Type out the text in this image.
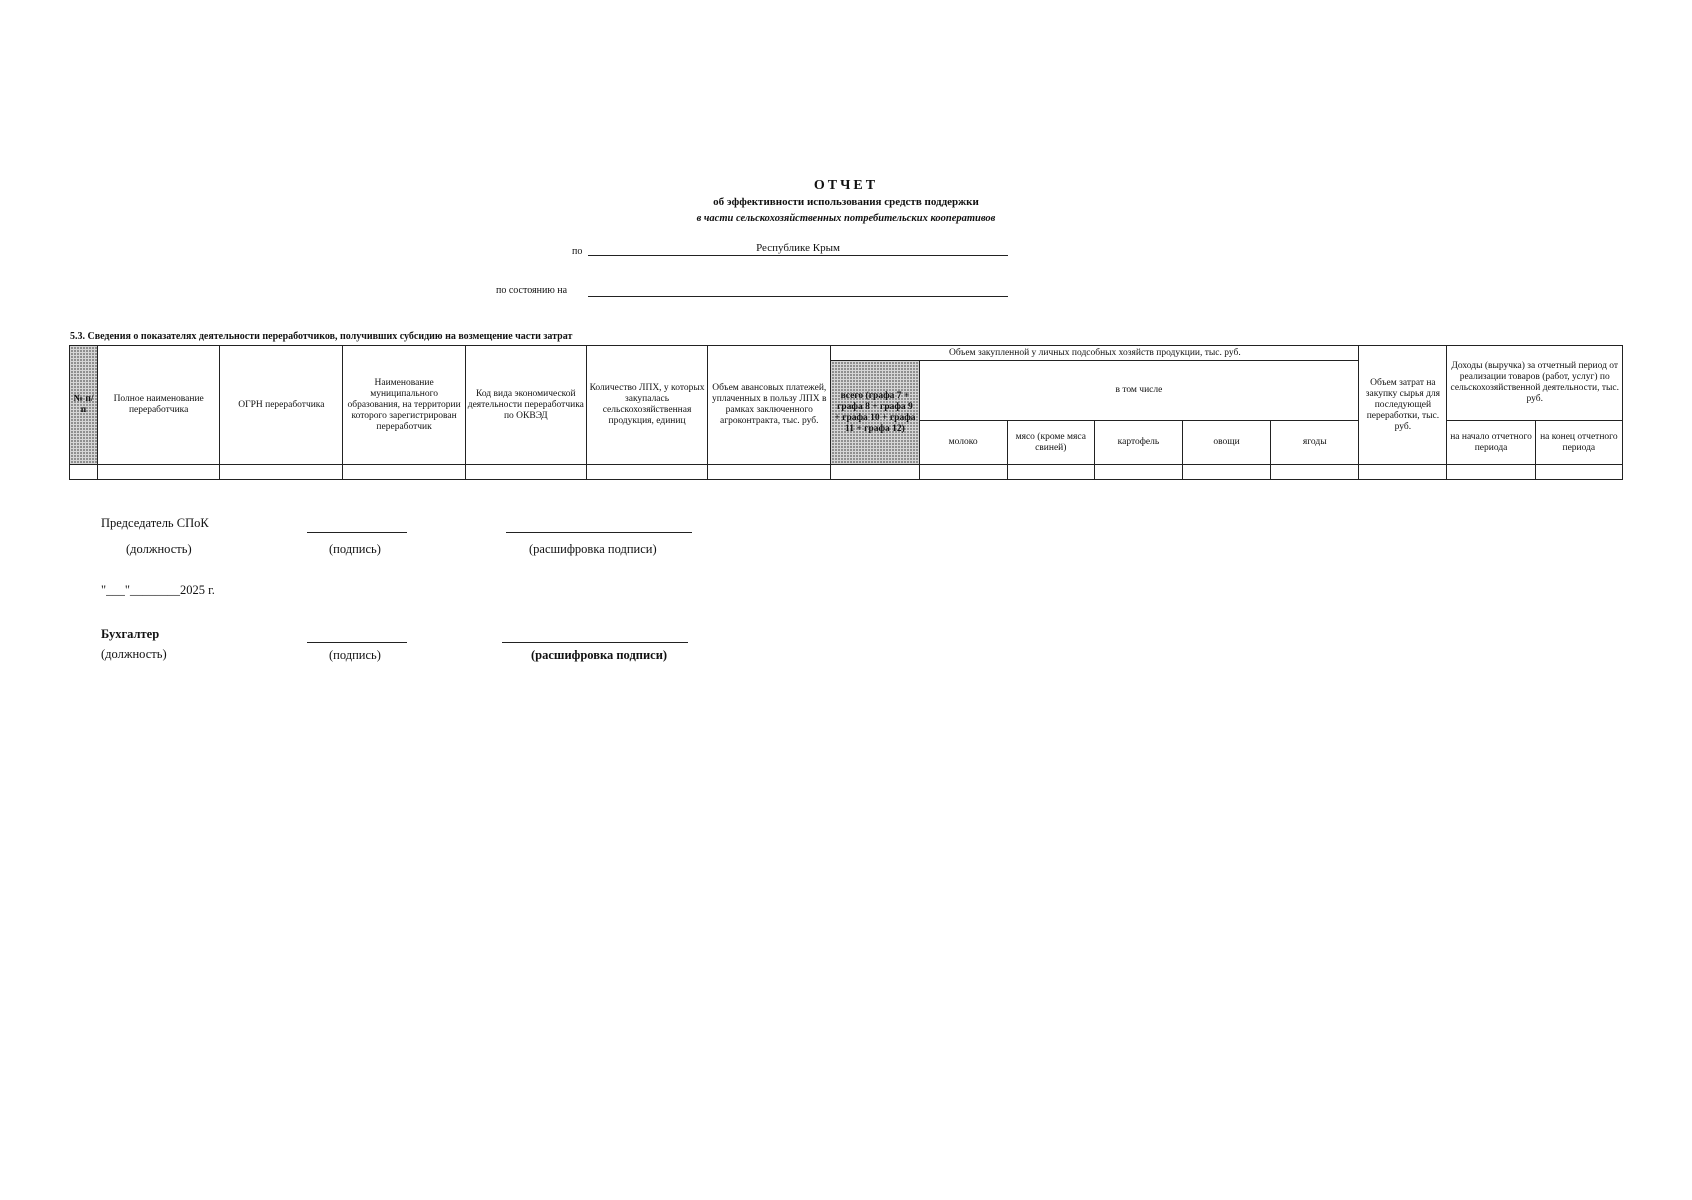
ОТЧЕТ
об эффективности использования средств поддержки
в части сельскохозяйственных потребительских кооперативов
по	Республике Крым
по состоянию на
5.3. Сведения о показателях деятельности переработчиков, получивших субсидию на возмещение части затрат
№ п/п	Полное наименование переработчика	ОГРН переработчика	Наименование муниципального образования, на территории которого зарегистрирован переработчик	Код вида экономической деятельности переработчика по ОКВЭД	Количество ЛПХ, у которых закупалась сельскохозяйственная продукция, единиц	Объем авансовых платежей, уплаченных в пользу ЛПХ в рамках заключенного агроконтракта, тыс. руб.	Объем закупленной у личных подсобных хозяйств продукции, тыс. руб.						Объем затрат на закупку сырья для последующей переработки, тыс. руб.	Доходы (выручка) за отчетный период от реализации товаров (работ, услуг) по сельскохозяйственной деятельности, тыс. руб.	
							всего (графа 7 + графа 8 + графа 9 + графа 10 + графа 11 + графа 12)	в том числе							
								молоко	мясо (кроме мяса свиней)	картофель	овощи	ягоды		на начало отчетного периода	на конец отчетного периода

Председатель СПоК
(должность)	(подпись)	(расшифровка подписи)
"___"________2025 г.
Бухгалтер
(должность)	(подпись)	(расшифровка подписи)
